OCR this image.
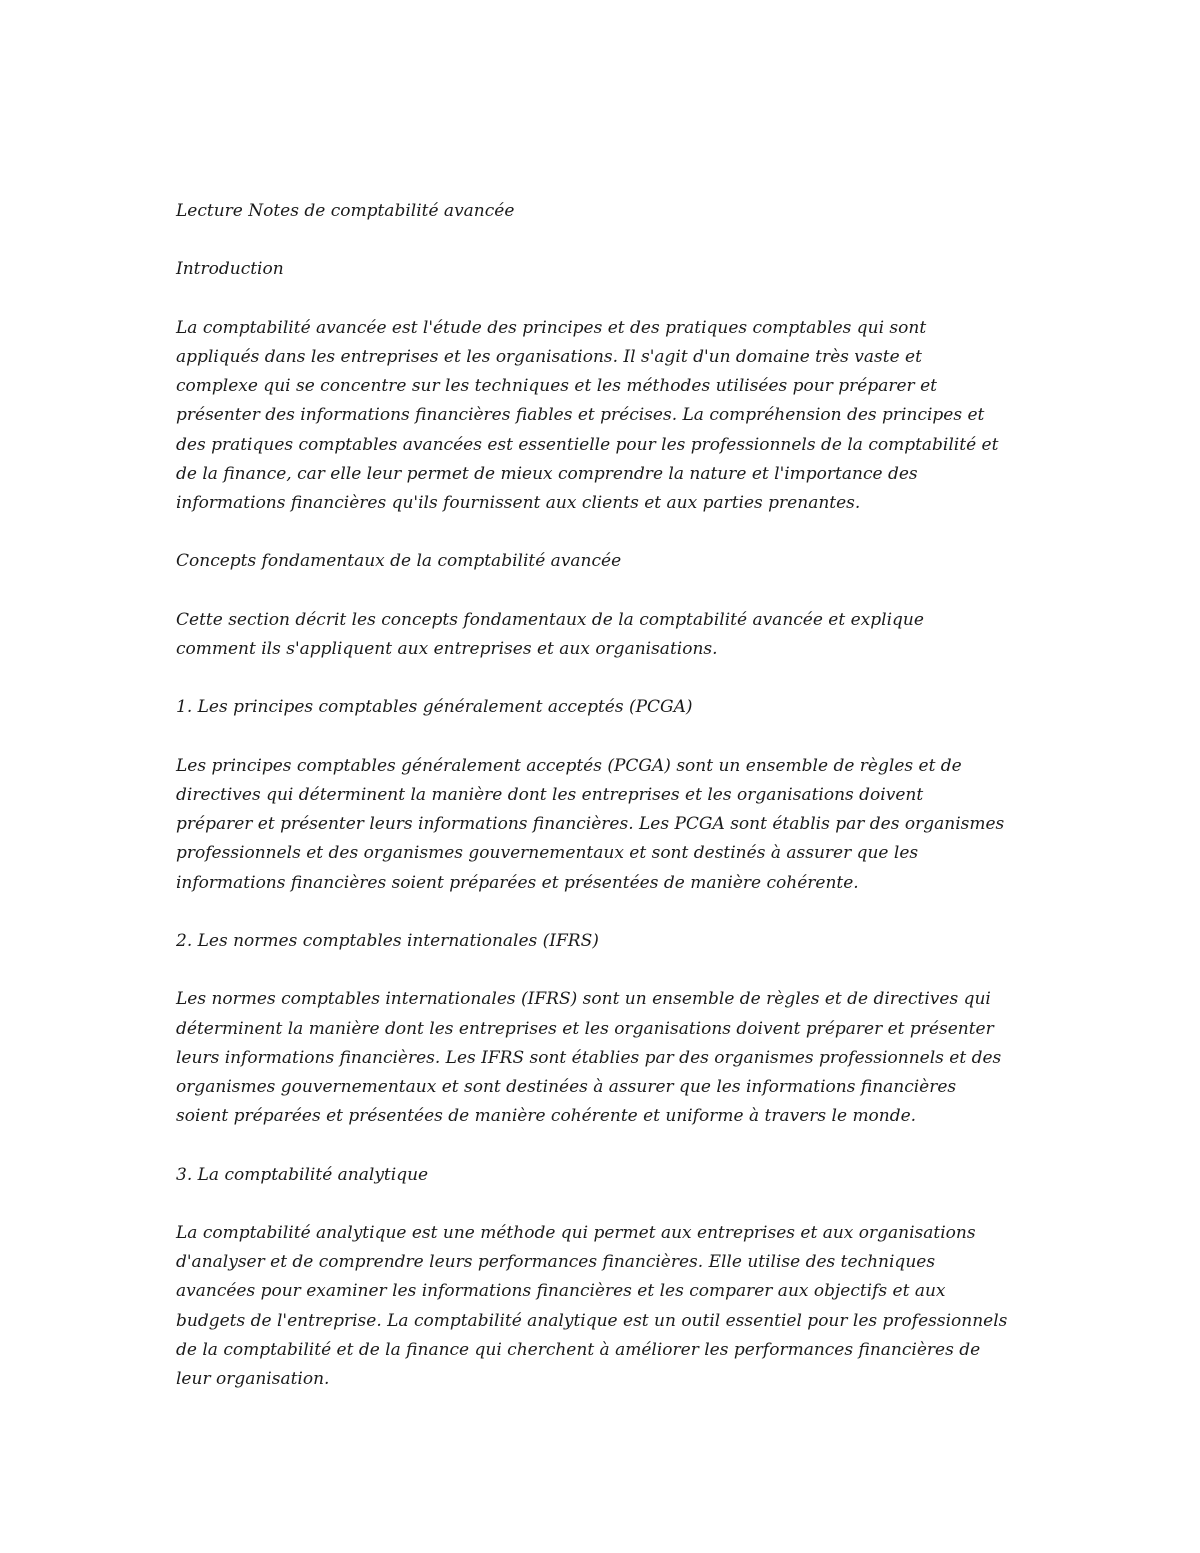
Lecture Notes de comptabilité avancée

Introduction

La comptabilité avancée est l'étude des principes et des pratiques comptables qui sont
appliqués dans les entreprises et les organisations. Il s'agit d'un domaine très vaste et
complexe qui se concentre sur les techniques et les méthodes utilisées pour préparer et
présenter des informations financières fiables et précises. La compréhension des principes et
des pratiques comptables avancées est essentielle pour les professionnels de la comptabilité et
de la finance, car elle leur permet de mieux comprendre la nature et l'importance des
informations financières qu'ils fournissent aux clients et aux parties prenantes.

Concepts fondamentaux de la comptabilité avancée

Cette section décrit les concepts fondamentaux de la comptabilité avancée et explique
comment ils s'appliquent aux entreprises et aux organisations.

1. Les principes comptables généralement acceptés (PCGA)

Les principes comptables généralement acceptés (PCGA) sont un ensemble de règles et de
directives qui déterminent la manière dont les entreprises et les organisations doivent
préparer et présenter leurs informations financières. Les PCGA sont établis par des organismes
professionnels et des organismes gouvernementaux et sont destinés à assurer que les
informations financières soient préparées et présentées de manière cohérente.

2. Les normes comptables internationales (IFRS)

Les normes comptables internationales (IFRS) sont un ensemble de règles et de directives qui
déterminent la manière dont les entreprises et les organisations doivent préparer et présenter
leurs informations financières. Les IFRS sont établies par des organismes professionnels et des
organismes gouvernementaux et sont destinées à assurer que les informations financières
soient préparées et présentées de manière cohérente et uniforme à travers le monde.

3. La comptabilité analytique

La comptabilité analytique est une méthode qui permet aux entreprises et aux organisations
d'analyser et de comprendre leurs performances financières. Elle utilise des techniques
avancées pour examiner les informations financières et les comparer aux objectifs et aux
budgets de l'entreprise. La comptabilité analytique est un outil essentiel pour les professionnels
de la comptabilité et de la finance qui cherchent à améliorer les performances financières de
leur organisation.
